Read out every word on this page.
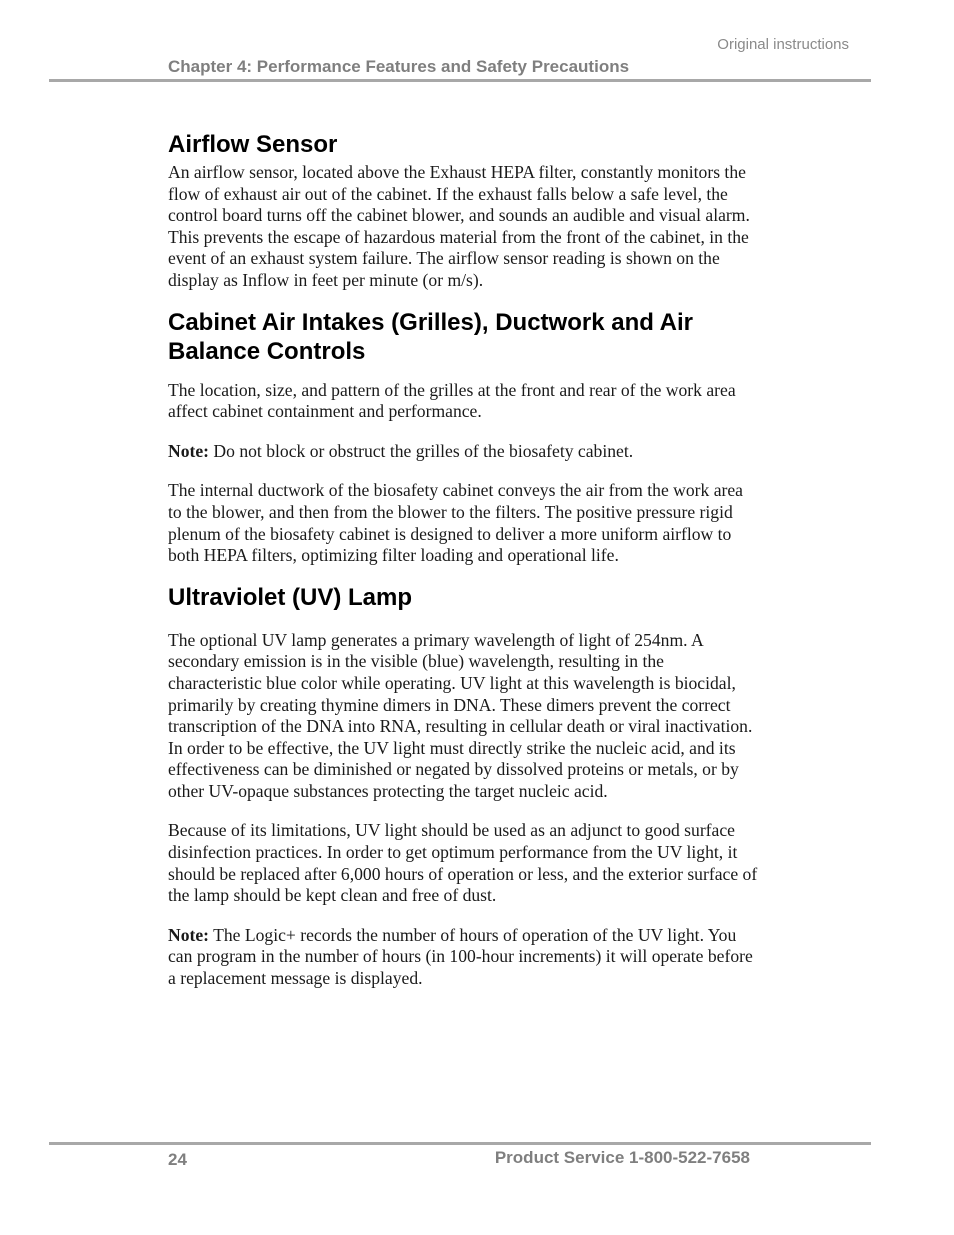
Original instructions
Chapter 4: Performance Features and Safety Precautions
Airflow Sensor

An airflow sensor, located above the Exhaust HEPA filter, constantly monitors the flow of exhaust air out of the cabinet. If the exhaust falls below a safe level, the control board turns off the cabinet blower, and sounds an audible and visual alarm. This prevents the escape of hazardous material from the front of the cabinet, in the event of an exhaust system failure. The airflow sensor reading is shown on the display as Inflow in feet per minute (or m/s).

Cabinet Air Intakes (Grilles), Ductwork and Air Balance Controls

The location, size, and pattern of the grilles at the front and rear of the work area affect cabinet containment and performance.

Note: Do not block or obstruct the grilles of the biosafety cabinet.

The internal ductwork of the biosafety cabinet conveys the air from the work area to the blower, and then from the blower to the filters. The positive pressure rigid plenum of the biosafety cabinet is designed to deliver a more uniform airflow to both HEPA filters, optimizing filter loading and operational life.

Ultraviolet (UV) Lamp

The optional UV lamp generates a primary wavelength of light of 254nm. A secondary emission is in the visible (blue) wavelength, resulting in the characteristic blue color while operating. UV light at this wavelength is biocidal, primarily by creating thymine dimers in DNA. These dimers prevent the correct transcription of the DNA into RNA, resulting in cellular death or viral inactivation. In order to be effective, the UV light must directly strike the nucleic acid, and its effectiveness can be diminished or negated by dissolved proteins or metals, or by other UV-opaque substances protecting the target nucleic acid.

Because of its limitations, UV light should be used as an adjunct to good surface disinfection practices. In order to get optimum performance from the UV light, it should be replaced after 6,000 hours of operation or less, and the exterior surface of the lamp should be kept clean and free of dust.

Note: The Logic+ records the number of hours of operation of the UV light. You can program in the number of hours (in 100-hour increments) it will operate before a replacement message is displayed.

24	Product Service 1-800-522-7658
